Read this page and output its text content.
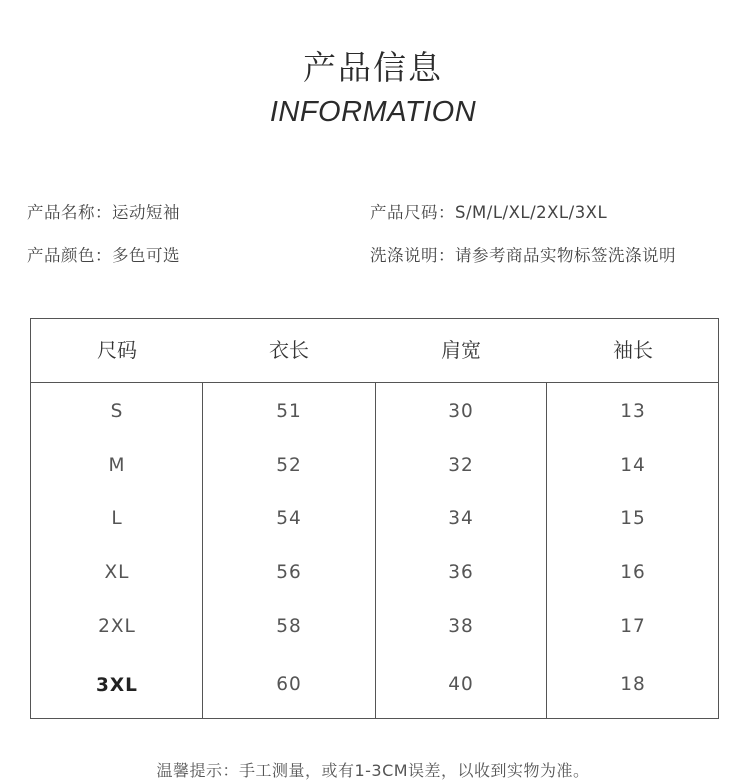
产品信息
INFORMATION
产品名称：运动短袖
产品颜色：多色可选
产品尺码：S/M/L/XL/2XL/3XL
洗涤说明：请参考商品实物标签洗涤说明
尺码	衣长	肩宽	袖长
S	51	30	13
M	52	32	14
L	54	34	15
XL	56	36	16
2XL	58	38	17
3XL	60	40	18
温馨提示：手工测量，或有1-3CM误差，以收到实物为准。
